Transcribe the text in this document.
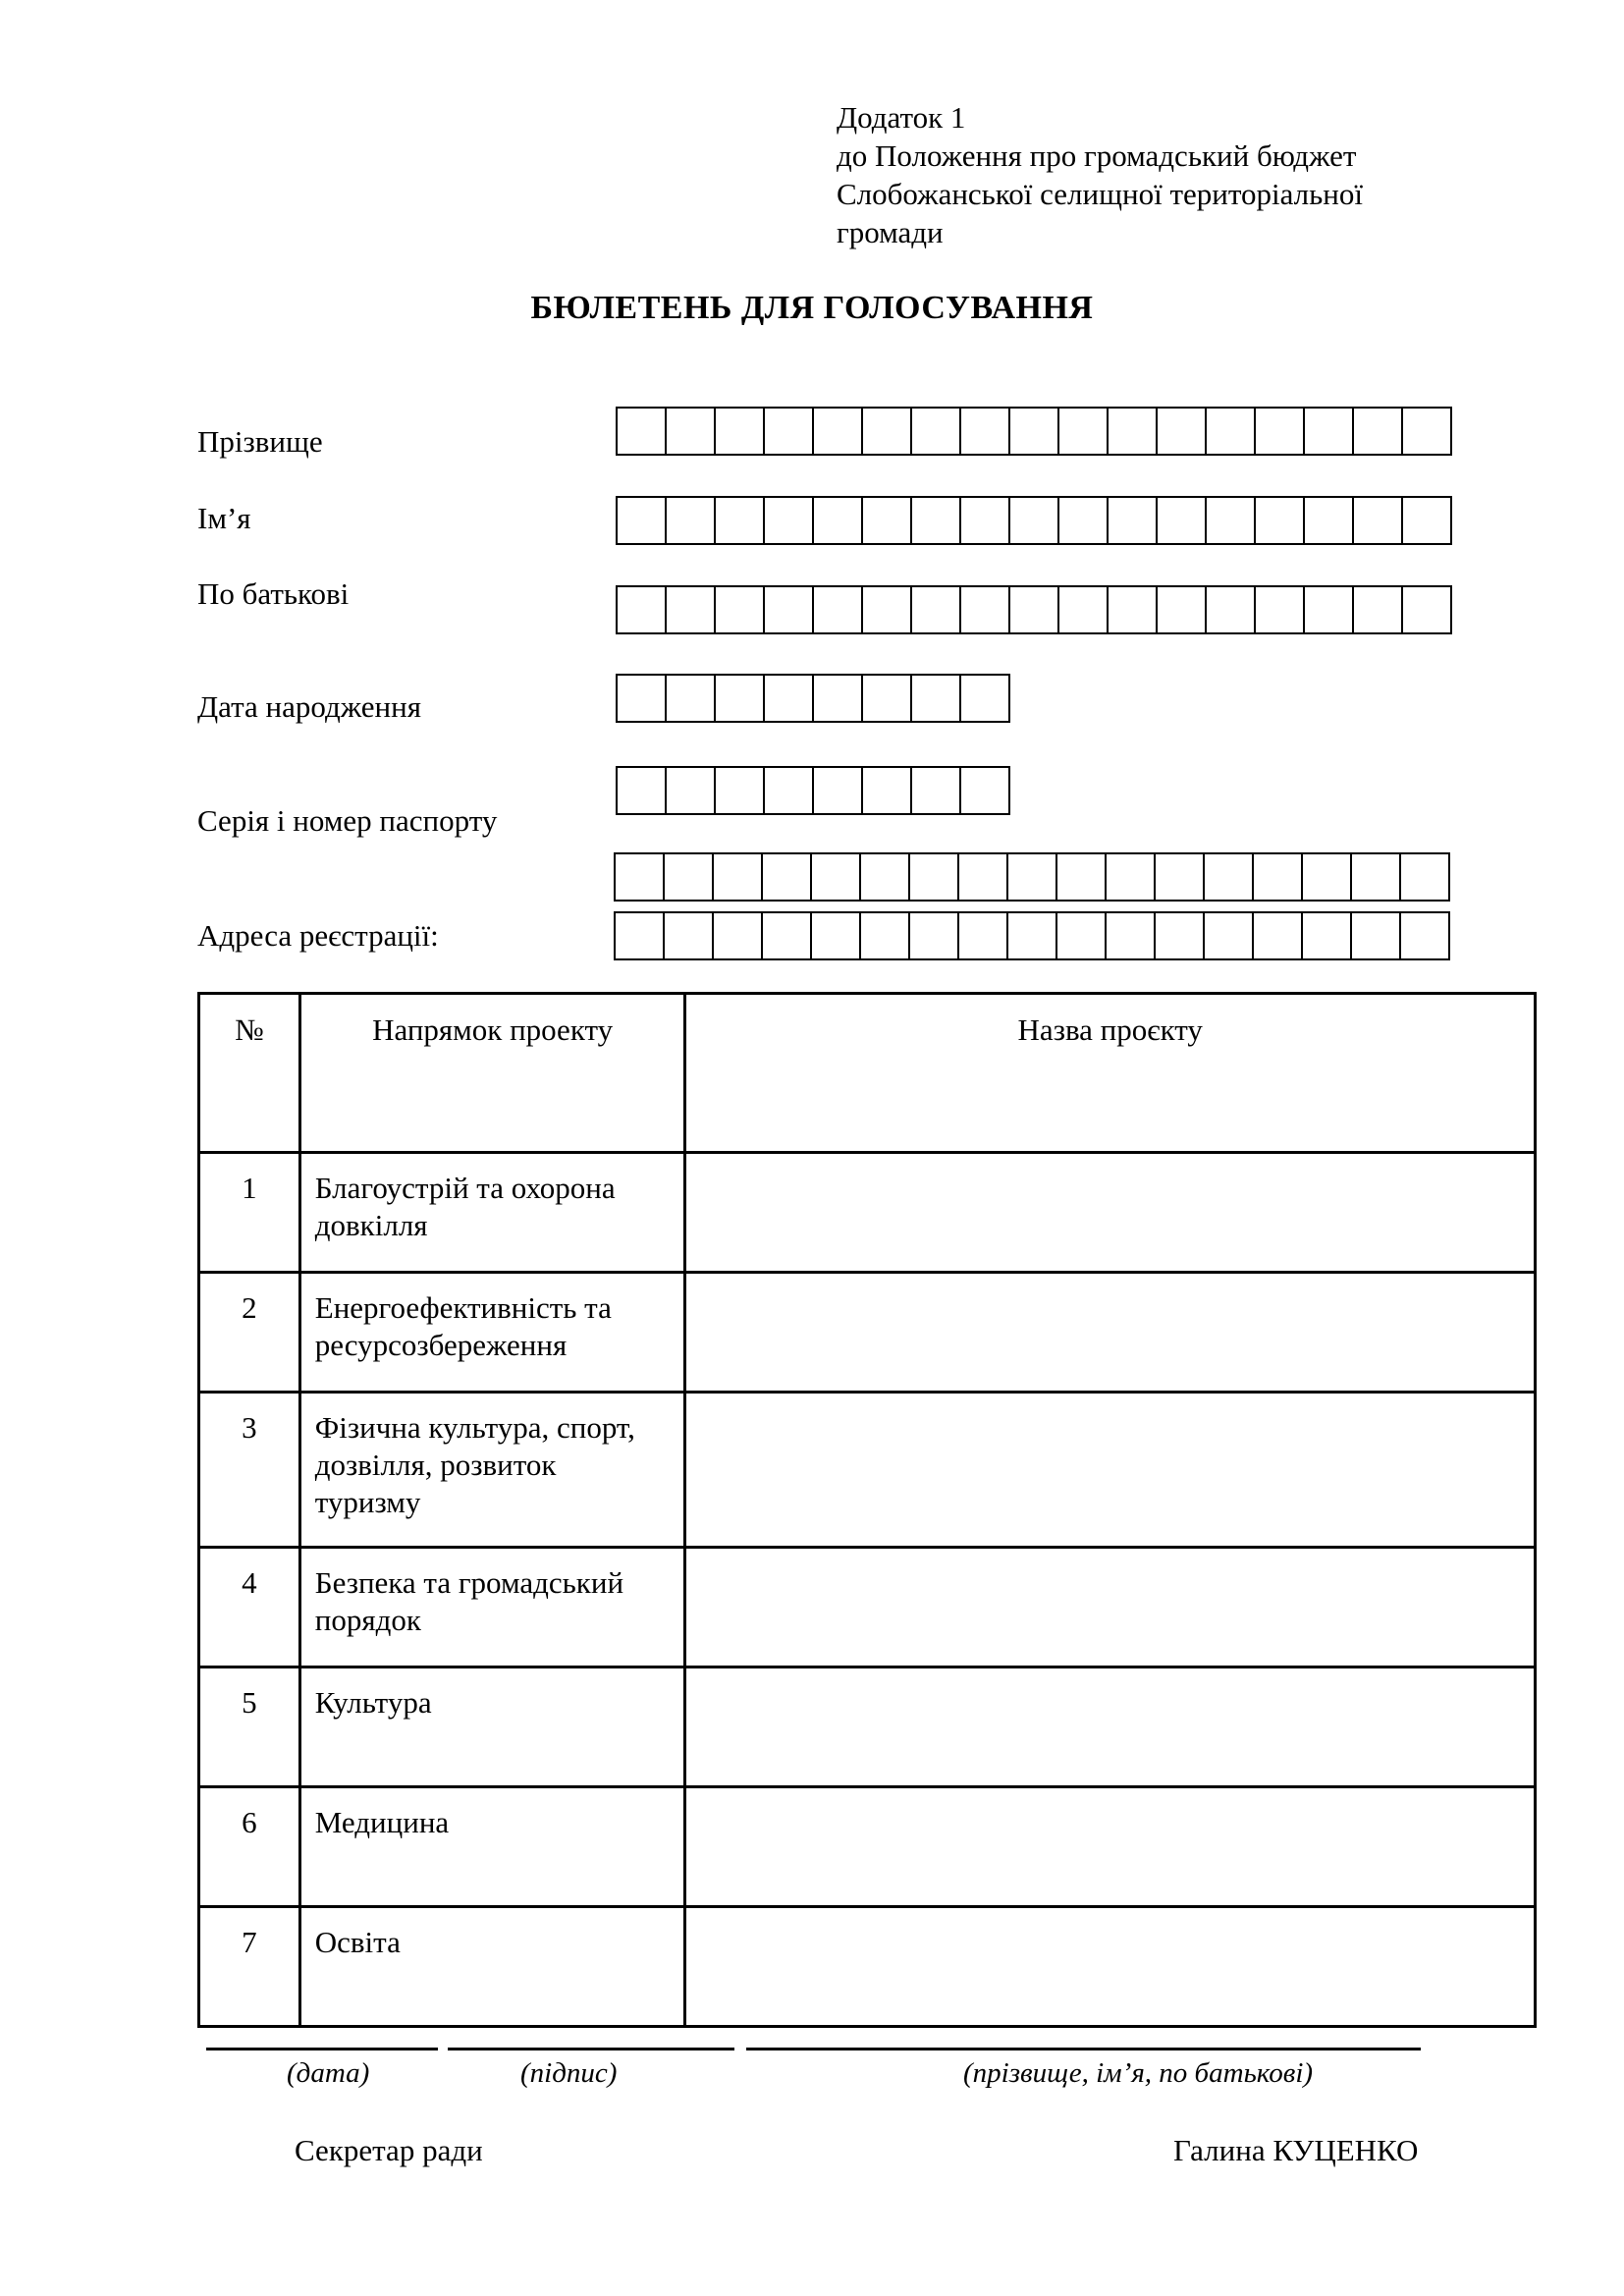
Додаток 1
до Положення про громадський бюджет
Слобожанської селищної територіальної
громади
БЮЛЕТЕНЬ ДЛЯ ГОЛОСУВАННЯ
Прізвище
Ім’я
По батькові
Дата народження
Серія і номер паспорту
Адреса реєстрації:
№	Напрямок проекту	Назва проєкту
1	Благоустрій та охорона
довкілля	

2	Енергоефективність та
ресурсозбереження	

3	Фізична культура, спорт,
дозвілля, розвиток
туризму	

4	Безпека та громадський
порядок	

5	Культура	

6	Медицина	

7	Освіта	

(дата)	(підпис)	(прізвище, ім’я, по батькові)
Секретар ради	Галина КУЦЕНКО
